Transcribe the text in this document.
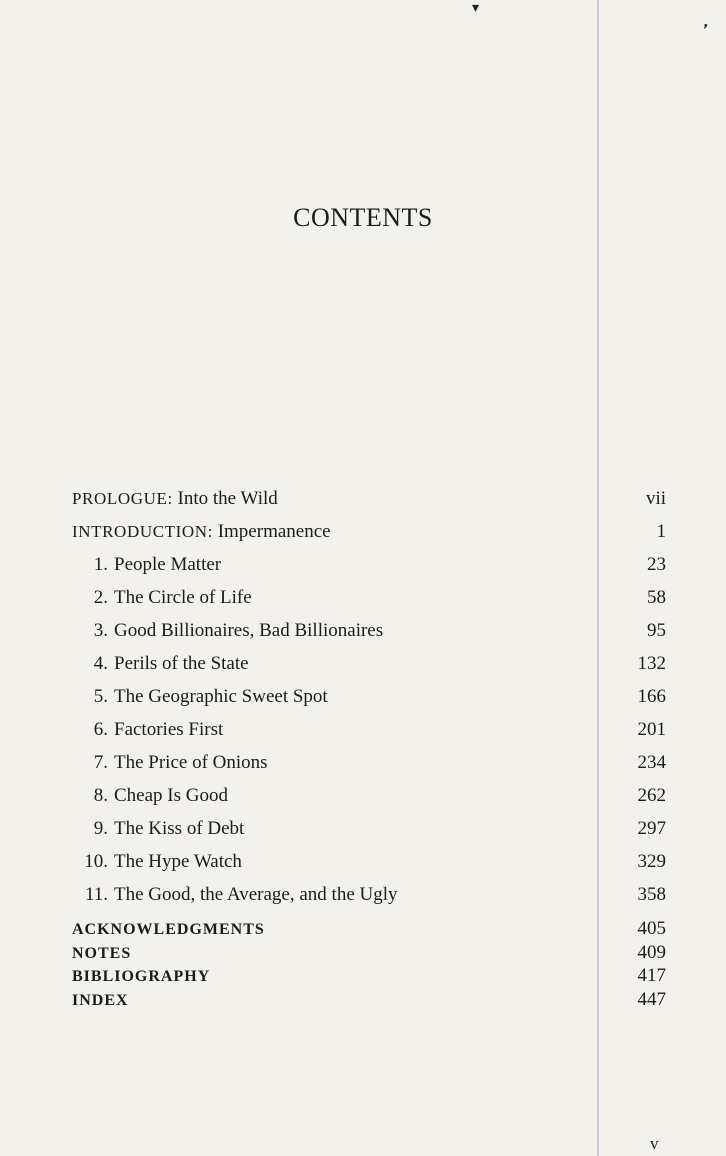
▾
❜
CONTENTS
PROLOGUE: Into the Wild	vii
INTRODUCTION: Impermanence	1
1. People Matter	23
2. The Circle of Life	58
3. Good Billionaires, Bad Billionaires	95
4. Perils of the State	132
5. The Geographic Sweet Spot	166
6. Factories First	201
7. The Price of Onions	234
8. Cheap Is Good	262
9. The Kiss of Debt	297
10. The Hype Watch	329
11. The Good, the Average, and the Ugly	358
ACKNOWLEDGMENTS	405
NOTES	409
BIBLIOGRAPHY	417
INDEX	447
v
